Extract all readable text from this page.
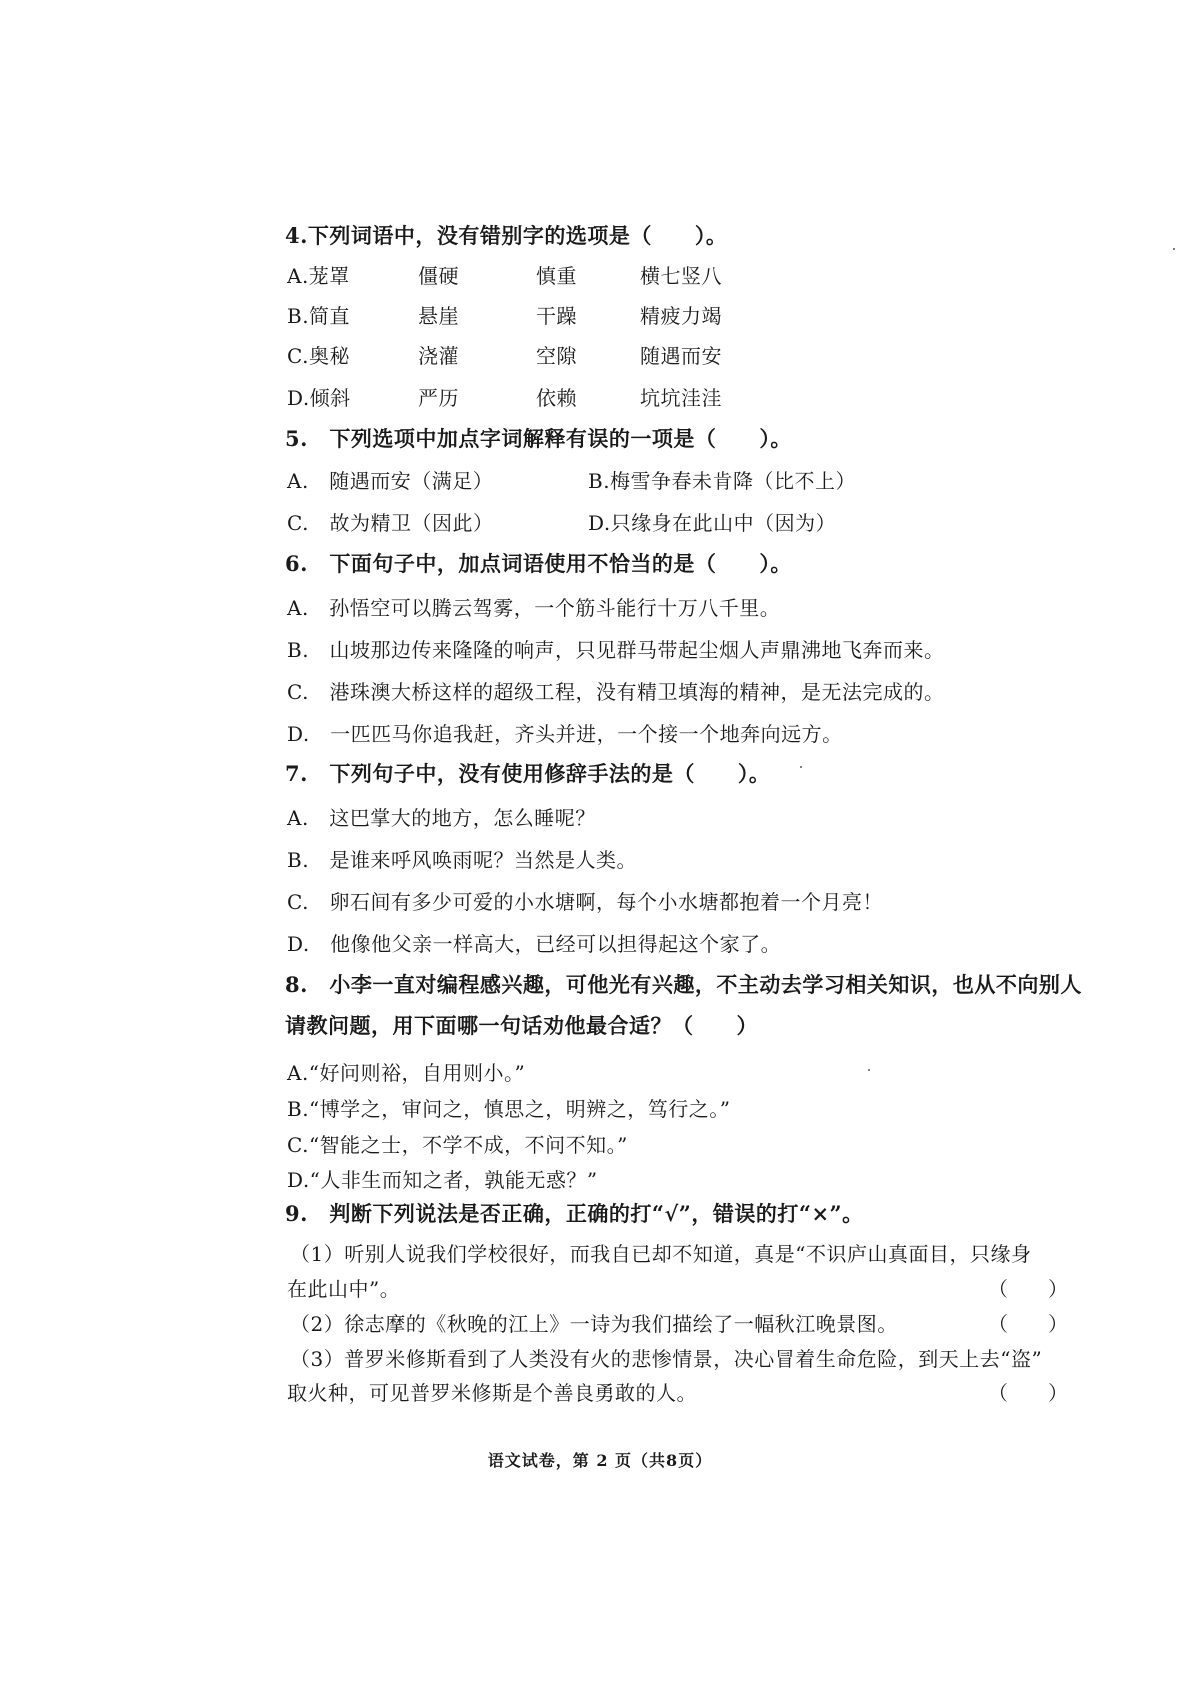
4.下列词语中，没有错别字的选项是（　　）。
A.茏罩	僵硬	慎重	横七竖八
B.简直	悬崖	干躁	精疲力竭
C.奥秘	浇灌	空隙	随遇而安
D.倾斜	严历	依赖	坑坑洼洼
5.　下列选项中加点字词解释有误的一项是（　　）。
A.　随遇而安（满足）	B.梅雪争春未肯降（比不上）
C.　故为精卫（因此）	D.只缘身在此山中（因为）
6.　下面句子中，加点词语使用不恰当的是（　　）。
A.　孙悟空可以腾云驾雾，一个筋斗能行十万八千里。
B.　山坡那边传来隆隆的响声，只见群马带起尘烟人声鼎沸地飞奔而来。
C.　港珠澳大桥这样的超级工程，没有精卫填海的精神，是无法完成的。
D.　一匹匹马你追我赶，齐头并进，一个接一个地奔向远方。
7.　下列句子中，没有使用修辞手法的是（　　）。
A.　这巴掌大的地方，怎么睡呢？
B.　是谁来呼风唤雨呢？当然是人类。
C.　卵石间有多少可爱的小水塘啊，每个小水塘都抱着一个月亮！
D.　他像他父亲一样高大，已经可以担得起这个家了。
8.　小李一直对编程感兴趣，可他光有兴趣，不主动去学习相关知识，也从不向别人
请教问题，用下面哪一句话劝他最合适？（　　）
A.“好问则裕，自用则小。”
B.“博学之，审问之，慎思之，明辨之，笃行之。”
C.“智能之士，不学不成，不问不知。”
D.“人非生而知之者，孰能无惑？”
9.　判断下列说法是否正确，正确的打“√”，错误的打“×”。
（1）听别人说我们学校很好，而我自已却不知道，真是“不识庐山真面目，只缘身
在此山中”。	（　　）
（2）徐志摩的《秋晚的江上》一诗为我们描绘了一幅秋江晚景图。	（　　）
（3）普罗米修斯看到了人类没有火的悲惨情景，决心冒着生命危险，到天上去“盗”
取火种，可见普罗米修斯是个善良勇敢的人。	（　　）
语文试卷，第 2 页（共8页）
